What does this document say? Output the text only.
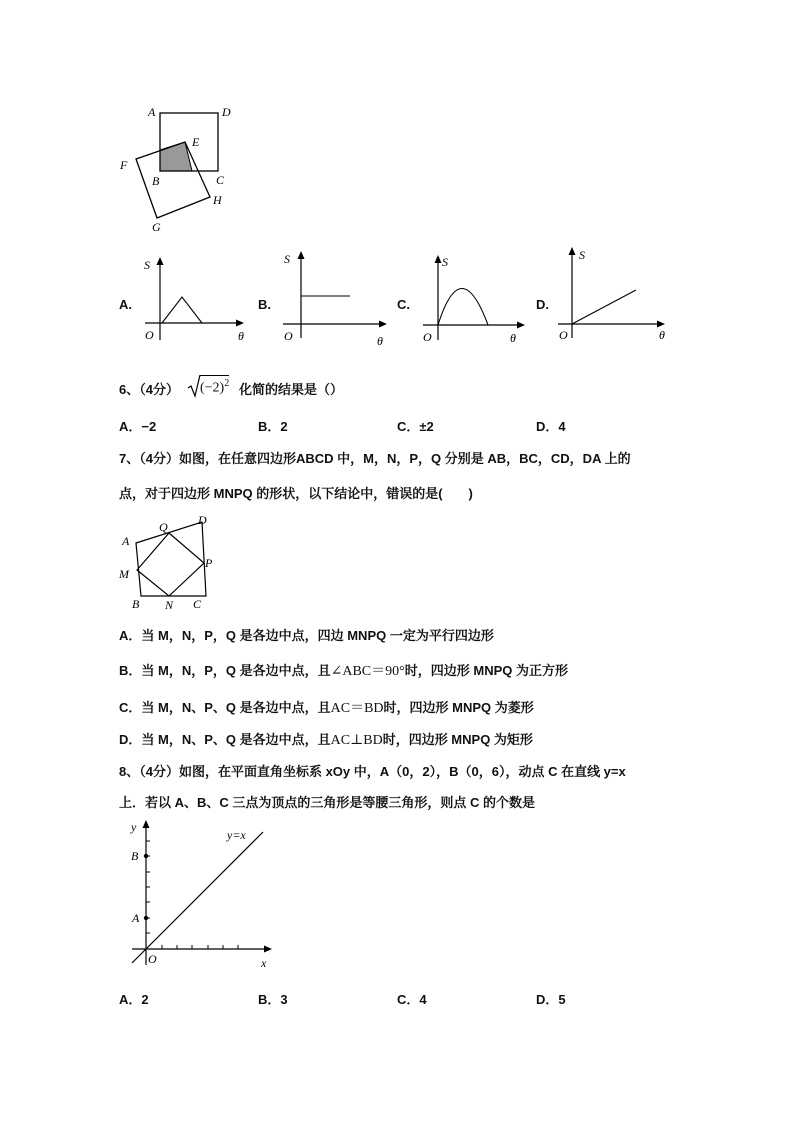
A	D
E
F
B	C
H
G
A.
S
O	θ
B.
S
O	θ
C.
S
O	θ
D.
S
O	θ
6、（4分） $(-2)^2$ 化简的结果是（）
A．−2	B．2	C．±2	D．4
7、（4分）如图，在任意四边形ABCD 中，M，N，P，Q 分别是 AB，BC，CD，DA 上的
点，对于四边形 MNPQ 的形状，以下结论中，错误的是(　　)
A
Q	D
M
P
B N C
A．当 M，N，P，Q 是各边中点，四边 MNPQ 一定为平行四边形
B．当 M，N，P，Q 是各边中点，且∠ABC＝90°时，四边形 MNPQ 为正方形
C．当 M，N、P、Q 是各边中点，且AC＝BD时，四边形 MNPQ 为菱形
D．当 M，N、P、Q 是各边中点，且AC⊥BD时，四边形 MNPQ 为矩形
8、（4分）如图，在平面直角坐标系 xOy 中，A（0，2），B（0，6），动点 C 在直线 y=x
上．若以 A、B、C 三点为顶点的三角形是等腰三角形，则点 C 的个数是
y
B
A
O	x
y=x
A．2	B．3	C．4	D．5
